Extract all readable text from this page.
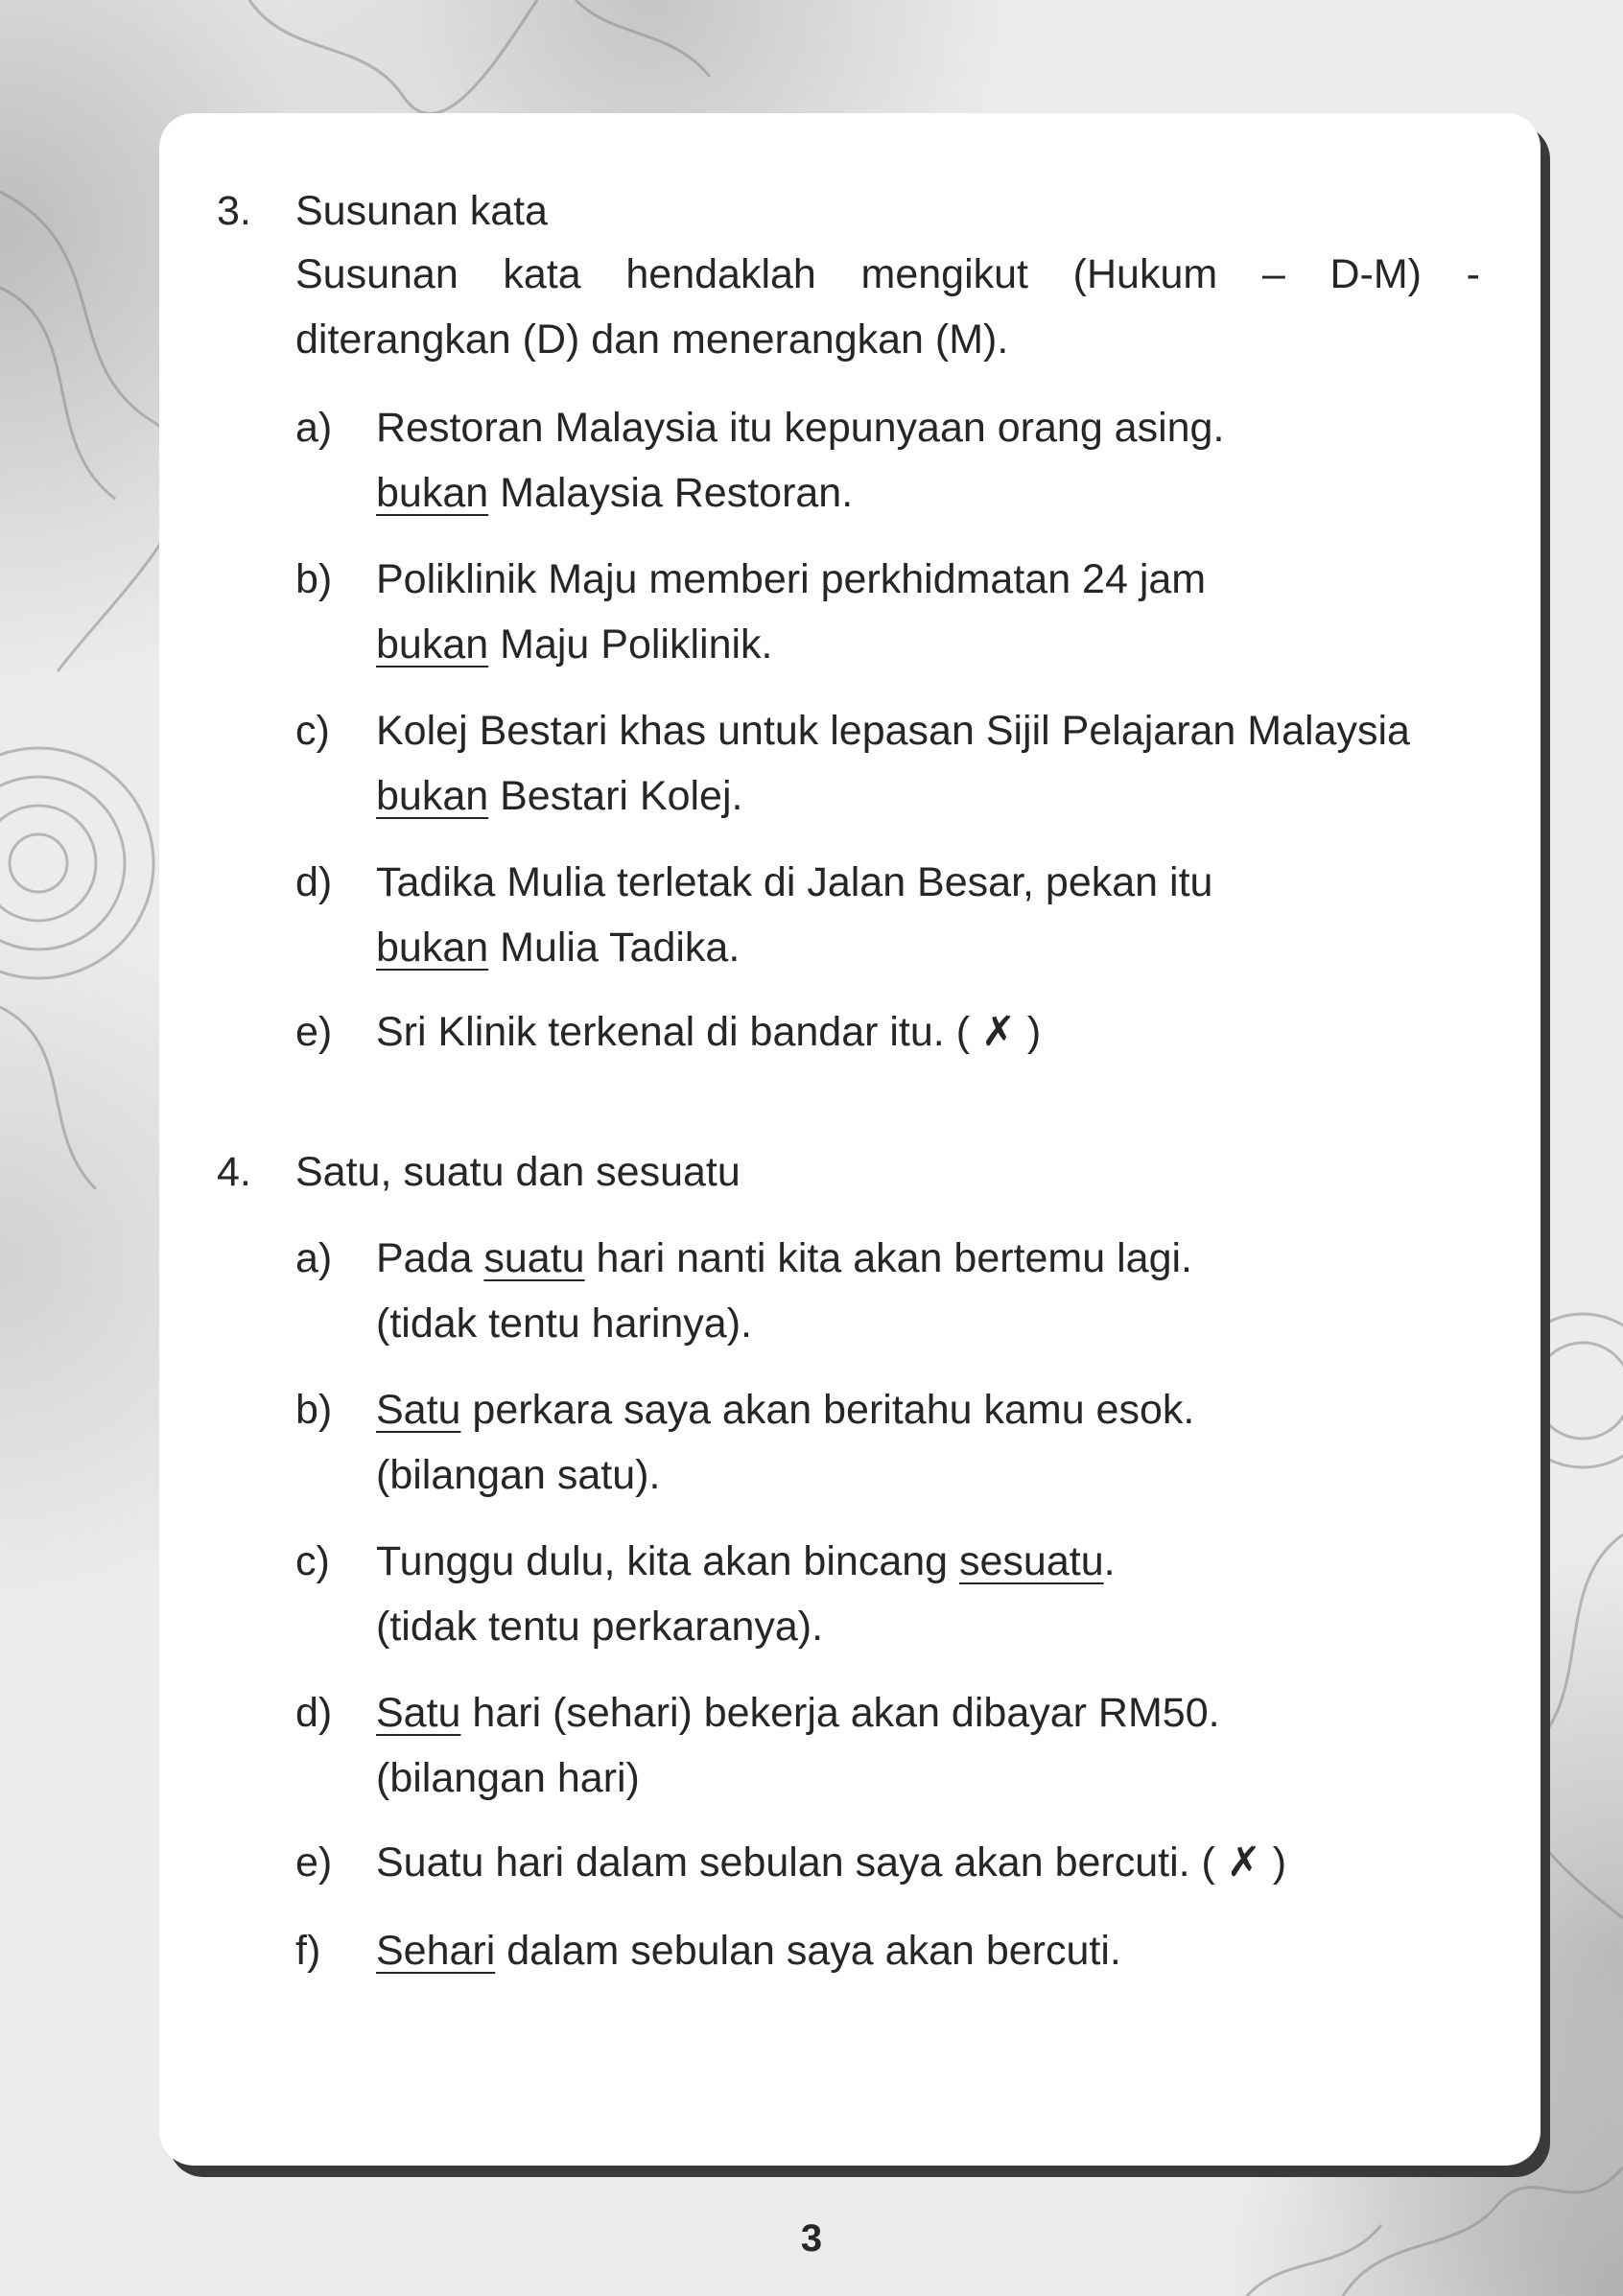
3. Susunan kata
Susunan kata hendaklah mengikut (Hukum – D-M) -
diterangkan (D) dan menerangkan (M).
a) Restoran Malaysia itu kepunyaan orang asing.
bukan Malaysia Restoran.
b) Poliklinik Maju memberi perkhidmatan 24 jam
bukan Maju Poliklinik.
c) Kolej Bestari khas untuk lepasan Sijil Pelajaran Malaysia
bukan Bestari Kolej.
d) Tadika Mulia terletak di Jalan Besar, pekan itu
bukan Mulia Tadika.
e) Sri Klinik terkenal di bandar itu. ( ✗ )
4. Satu, suatu dan sesuatu
a) Pada suatu hari nanti kita akan bertemu lagi.
(tidak tentu harinya).
b) Satu perkara saya akan beritahu kamu esok.
(bilangan satu).
c) Tunggu dulu, kita akan bincang sesuatu.
(tidak tentu perkaranya).
d) Satu hari (sehari) bekerja akan dibayar RM50.
(bilangan hari)
e) Suatu hari dalam sebulan saya akan bercuti. ( ✗ )
f) Sehari dalam sebulan saya akan bercuti.
3
